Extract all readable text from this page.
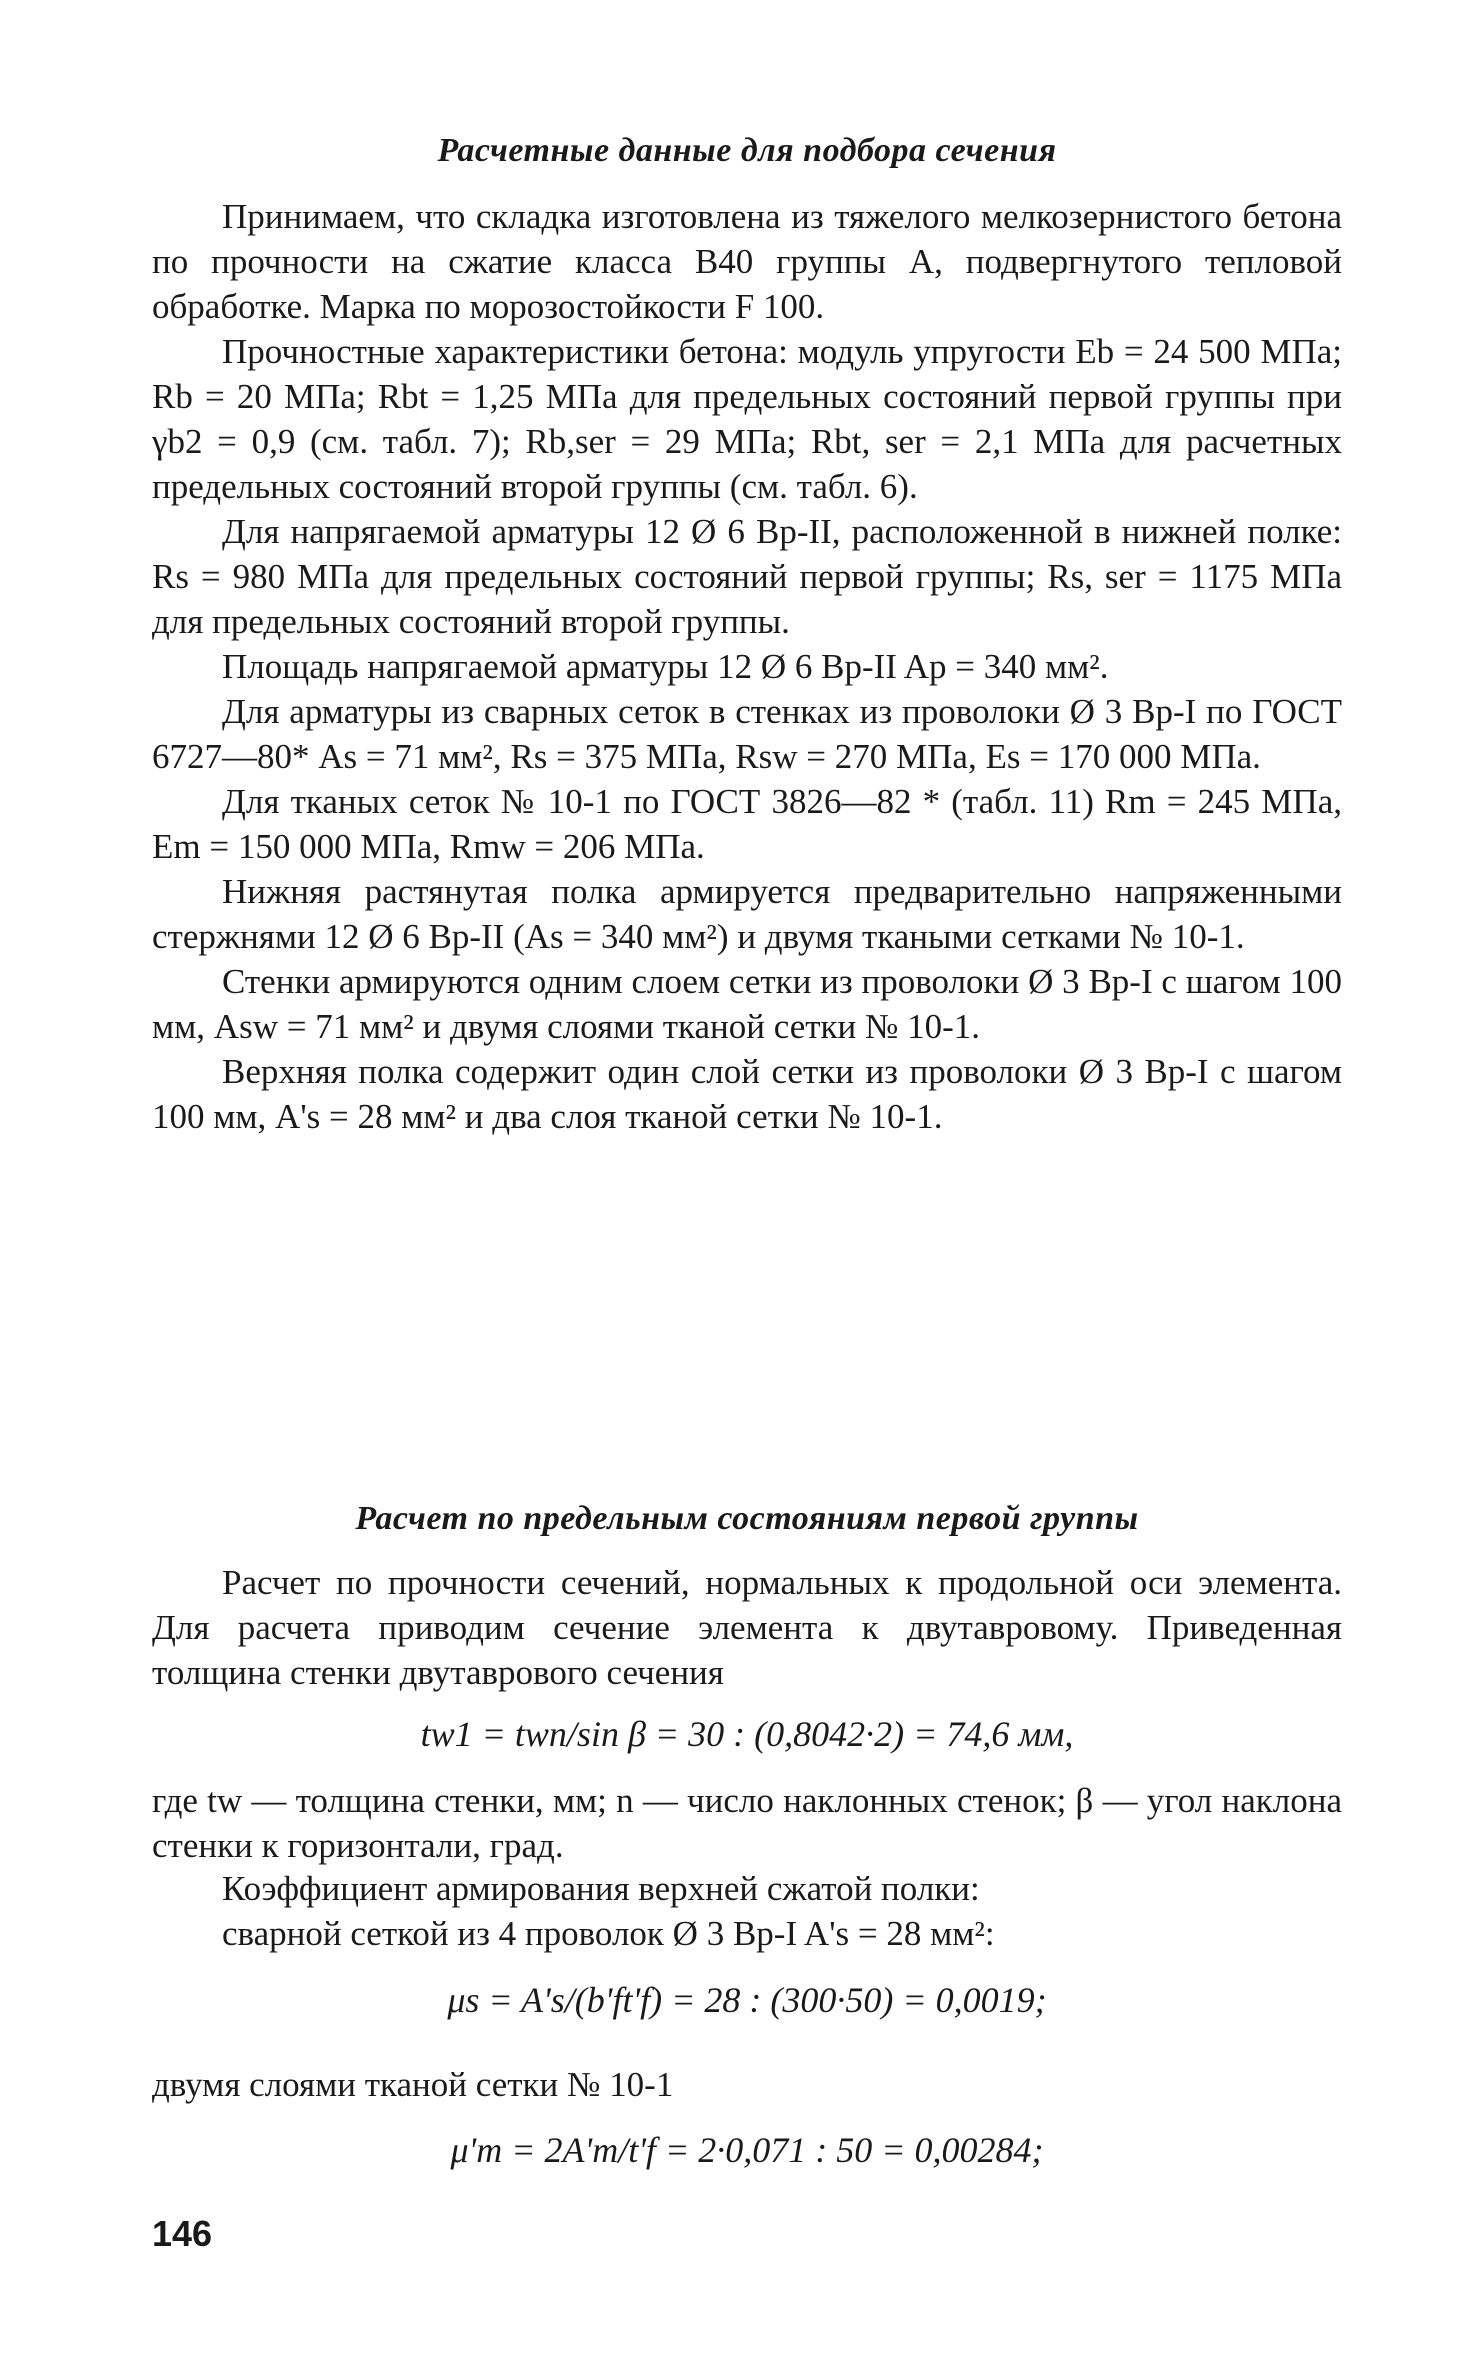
Расчетные данные для подбора сечения

Принимаем, что складка изготовлена из тяжелого мелкозернистого бетона по прочности на сжатие класса В40 группы А, подвергнутого тепловой обработке. Марка по морозостойкости F 100.

Прочностные характеристики бетона: модуль упругости Eb = 24 500 МПа; Rb = 20 МПа; Rbt = 1,25 МПа для предельных состояний первой группы при γb2 = 0,9 (см. табл. 7); Rb,ser = 29 МПа; Rbt, ser = 2,1 МПа для расчетных предельных состояний второй группы (см. табл. 6).

Для напрягаемой арматуры 12 Ø 6 Вр-II, расположенной в нижней полке: Rs = 980 МПа для предельных состояний первой группы; Rs, ser = 1175 МПа для предельных состояний второй группы.

Площадь напрягаемой арматуры 12 Ø 6 Вр-II Ap = 340 мм².

Для арматуры из сварных сеток в стенках из проволоки Ø 3 Вр-I по ГОСТ 6727—80* As = 71 мм², Rs = 375 МПа, Rsw = 270 МПа, Es = 170 000 МПа.

Для тканых сеток № 10-1 по ГОСТ 3826—82 * (табл. 11) Rm = 245 МПа, Em = 150 000 МПа, Rmw = 206 МПа.

Нижняя растянутая полка армируется предварительно напряженными стержнями 12 Ø 6 Вр-II (As = 340 мм²) и двумя ткаными сетками № 10-1.

Стенки армируются одним слоем сетки из проволоки Ø 3 Вр-I с шагом 100 мм, Asw = 71 мм² и двумя слоями тканой сетки № 10-1.

Верхняя полка содержит один слой сетки из проволоки Ø 3 Вр-I с шагом 100 мм, A's = 28 мм² и два слоя тканой сетки № 10-1.

Расчет по предельным состояниям первой группы

Расчет по прочности сечений, нормальных к продольной оси элемента. Для расчета приводим сечение элемента к двутавровому. Приведенная толщина стенки двутаврового сечения

tw1 = twn/sin β = 30 : (0,8042·2) = 74,6 мм,

где tw — толщина стенки, мм; n — число наклонных стенок; β — угол наклона стенки к горизонтали, град.

Коэффициент армирования верхней сжатой полки:

сварной сеткой из 4 проволок Ø 3 Вр-I A's = 28 мм²:

μs = A's/(b'ft'f) = 28 : (300·50) = 0,0019;

двумя слоями тканой сетки № 10-1

μ'm = 2A'm/t'f = 2·0,071 : 50 = 0,00284;
146
